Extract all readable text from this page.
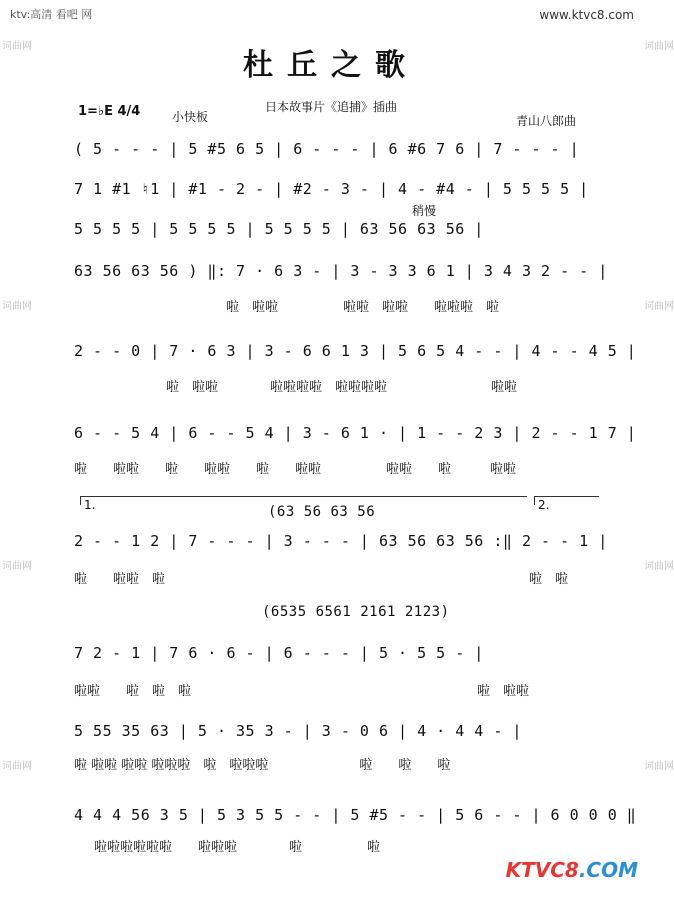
ktv:高清 看吧 网	www.ktvc8.com
杜丘之歌
日本故事片《追捕》插曲
1=♭E 4/4	小快板	青山八郎曲
词曲网
词曲网
词曲网
词曲网
词曲网
词曲网
词曲网
词曲网
( 5 - - - | 5 #5 6 5 | 6 - - - | 6 #6 7 6 | 7 - - - |
7 1 #1 ♮1 | #1 - 2 - | #2 - 3 - | 4 - #4 - | 5 5 5 5 |
稍慢
5 5 5 5 | 5 5 5 5 | 5 5 5 5 | 63 56 63 56 |
63 56 63 56 ) ‖: 7 · 6 3 - | 3 - 3 3 6 1 | 3 4 3 2 - - |
啦　啦啦　　　　　啦啦　啦啦　　啦啦啦　啦
2 - - 0 | 7 · 6 3 | 3 - 6 6 1 3 | 5 6 5 4 - - | 4 - - 4 5 |
啦　啦啦　　　　啦啦啦啦　啦啦啦啦　　　　　　　　啦啦
6 - - 5 4 | 6 - - 5 4 | 3 - 6 1 · | 1 - - 2 3 | 2 - - 1 7 |
啦　　啦啦　　啦　　啦啦　　啦　　啦啦　　　　　啦啦　　啦　　　啦啦
1.	2.
(63 56 63 56
2 - - 1 2 | 7 - - - | 3 - - - | 63 56 63 56 :‖ 2 - - 1 |
啦　　啦啦　啦　　　　　　　　　　　　　　　　　　　　　　　　　　　　啦　啦
(6535 6561 2161 2123)
7 2 - 1 | 7 6 · 6 - | 6 - - - | 5 · 5 5 - |
啦啦　　啦　啦　啦　　　　　　　　　　　　　　　　　　　　　　啦　啦啦
5 55 35 63 | 5 · 35 3 - | 3 - 0 6 | 4 · 4 4 - |
啦 啦啦 啦啦 啦啦啦　啦　啦啦啦　　　　　　　啦　　啦　　啦
4 4 4 56 3 5 | 5 3 5 5 - - | 5 #5 - - | 5 6 - - | 6 0 0 0 ‖
啦啦啦啦啦啦　　啦啦啦　　　　啦　　　　　啦
KTVC8.COM
